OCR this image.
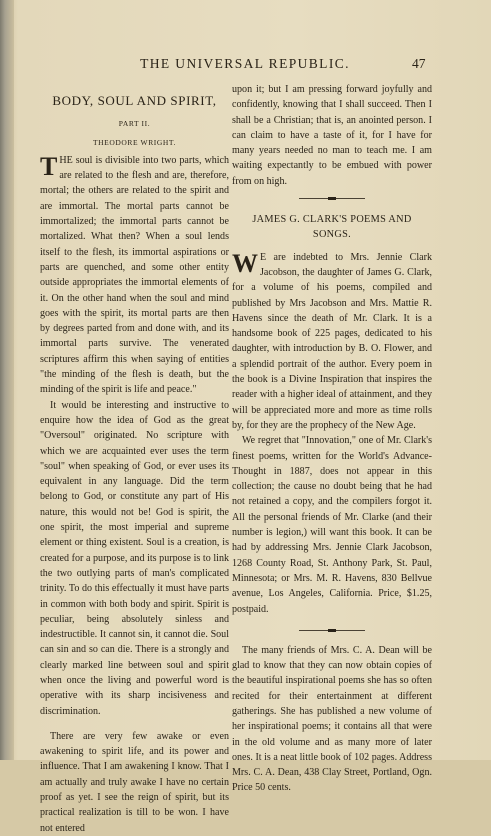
THE UNIVERSAL REPUBLIC.	47
BODY, SOUL AND SPIRIT,
PART II.
THEODORE WRIGHT.

THE soul is divisible into two parts, which are related to the flesh and are, therefore, mortal; the others are related to the spirit and are immortal. The mortal parts cannot be immortalized; the immortal parts cannot be mortalized. What then? When a soul lends itself to the flesh, its immortal aspirations or parts are quenched, and some other entity outside appropriates the immortal elements of it. On the other hand when the soul and mind goes with the spirit, its mortal parts are then by degrees parted from and done with, and its immortal parts survive. The venerated scriptures affirm this when saying of entities "the minding of the flesh is death, but the minding of the spirit is life and peace."

It would be interesting and instructive to enquire how the idea of God as the great "Oversoul" originated. No scripture with which we are acquainted ever uses the term "soul" when speaking of God, or ever uses its equivalent in any language. Did the term belong to God, or constitute any part of His nature, this would not be! God is spirit, the one spirit, the most imperial and supreme element or thing existent. Soul is a creation, is created for a purpose, and its purpose is to link the two outlying parts of man's complicated trinity. To do this effectually it must have parts in common with both body and spirit. Spirit is peculiar, being absolutely sinless and indestructible. It cannot sin, it cannot die. Soul can sin and so can die. There is a strongly and clearly marked line between soul and spirit when once the living and powerful word is operative with its sharp incisiveness and discrimination.

There are very few awake or even awakening to spirit life, and its power and influence. That I am awakening I know. That I am actually and truly awake I have no certain proof as yet. I see the reign of spirit, but its practical realization is till to be won. I have not entered

upon it; but I am pressing forward joyfully and confidently, knowing that I shall succeed. Then I shall be a Christian; that is, an anointed person. I can claim to have a taste of it, for I have for many years needed no man to teach me. I am waiting expectantly to be embued with power from on high.

JAMES G. CLARK'S POEMS AND SONGS.

W E are indebted to Mrs. Jennie Clark Jacobson, the daughter of James G. Clark, for a volume of his poems, compiled and published by Mrs Jacobson and Mrs. Mattie R. Havens since the death of Mr. Clark. It is a handsome book of 225 pages, dedicated to his daughter, with introduction by B. O. Flower, and a splendid portrait of the author. Every poem in the book is a Divine Inspiration that inspires the reader with a higher ideal of attainment, and they will be appreciated more and more as time rolls by, for they are the prophecy of the New Age.

We regret that "Innovation," one of Mr. Clark's finest poems, written for the World's Advance-Thought in 1887, does not appear in this collection; the cause no doubt being that he had not retained a copy, and the compilers forgot it. All the personal friends of Mr. Clarke (and their number is legion,) will want this book. It can be had by addressing Mrs. Jennie Clark Jacobson, 1268 County Road, St. Anthony Park, St. Paul, Minnesota; or Mrs. M. R. Havens, 830 Bellvue avenue, Los Angeles, California. Price, $1.25, postpaid.

The many friends of Mrs. C. A. Dean will be glad to know that they can now obtain copies of the beautiful inspirational poems she has so often recited for their entertainment at different gatherings. She has published a new volume of her inspirational poems; it contains all that were in the old volume and as many more of later ones. It is a neat little book of 102 pages. Address Mrs. C. A. Dean, 438 Clay Street, Portland, Ogn. Price 50 cents.
